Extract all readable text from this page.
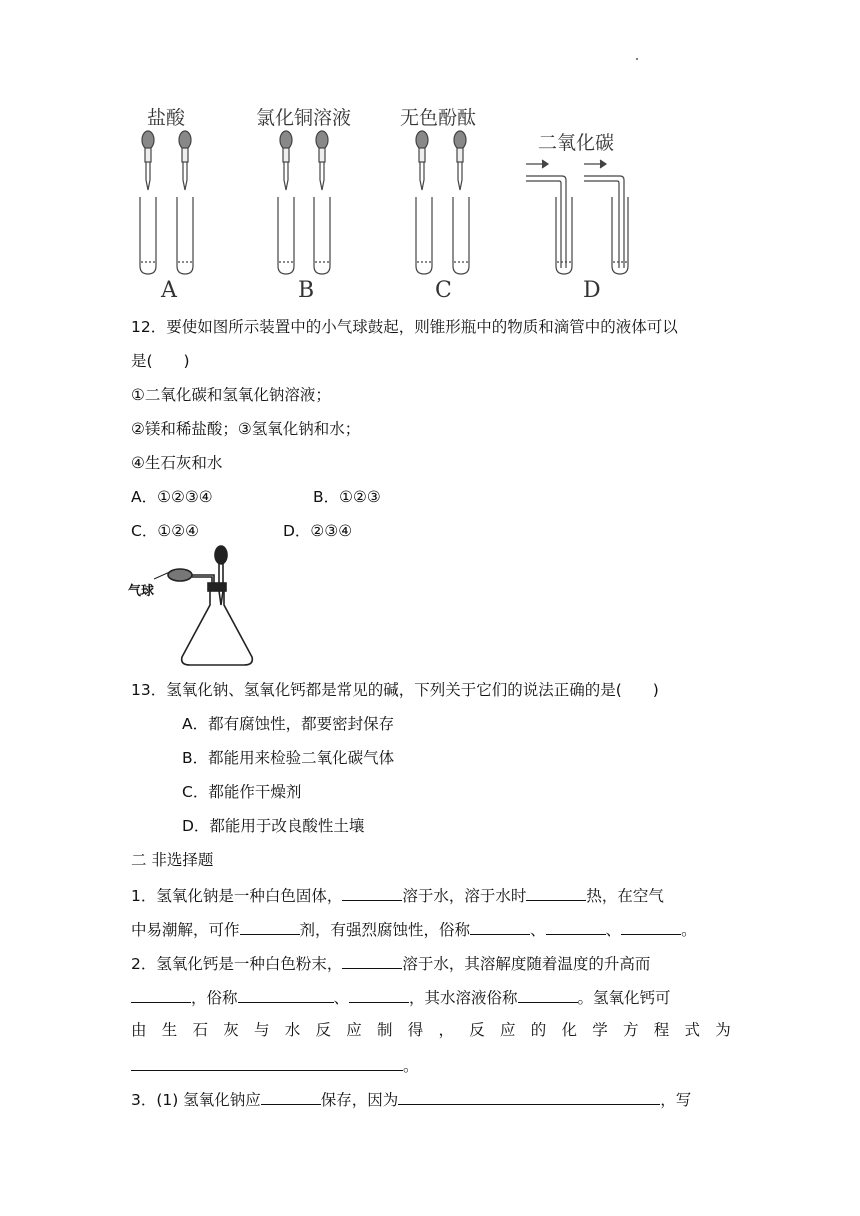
盐酸	氯化铜溶液	无色酚酞
二氧化碳
A	B	C	D
12．要使如图所示装置中的小气球鼓起，则锥形瓶中的物质和滴管中的液体可以
是(　　)
①二氧化碳和氢氧化钠溶液；
②镁和稀盐酸；③氢氧化钠和水；
④生石灰和水
A．①②③④	B．①②③
C．①②④	D．②③④
气球
13．氢氧化钠、氢氧化钙都是常见的碱，下列关于它们的说法正确的是(　　)
A．都有腐蚀性，都要密封保存
B．都能用来检验二氧化碳气体
C．都能作干燥剂
D．都能用于改良酸性土壤
二 非选择题
1．氢氧化钠是一种白色固体，	溶于水，溶于水时	热，在空气
中易潮解，可作	剂，有强烈腐蚀性，俗称	、	、	。
2．氢氧化钙是一种白色粉末，	溶于水，其溶解度随着温度的升高而
，俗称	、	，其水溶液俗称	。氢氧化钙可
由 生 石 灰 与 水 反 应 制 得 ， 反 应 的 化 学 方 程 式 为
。
3．(1) 氢氧化钠应	保存，因为	，写
